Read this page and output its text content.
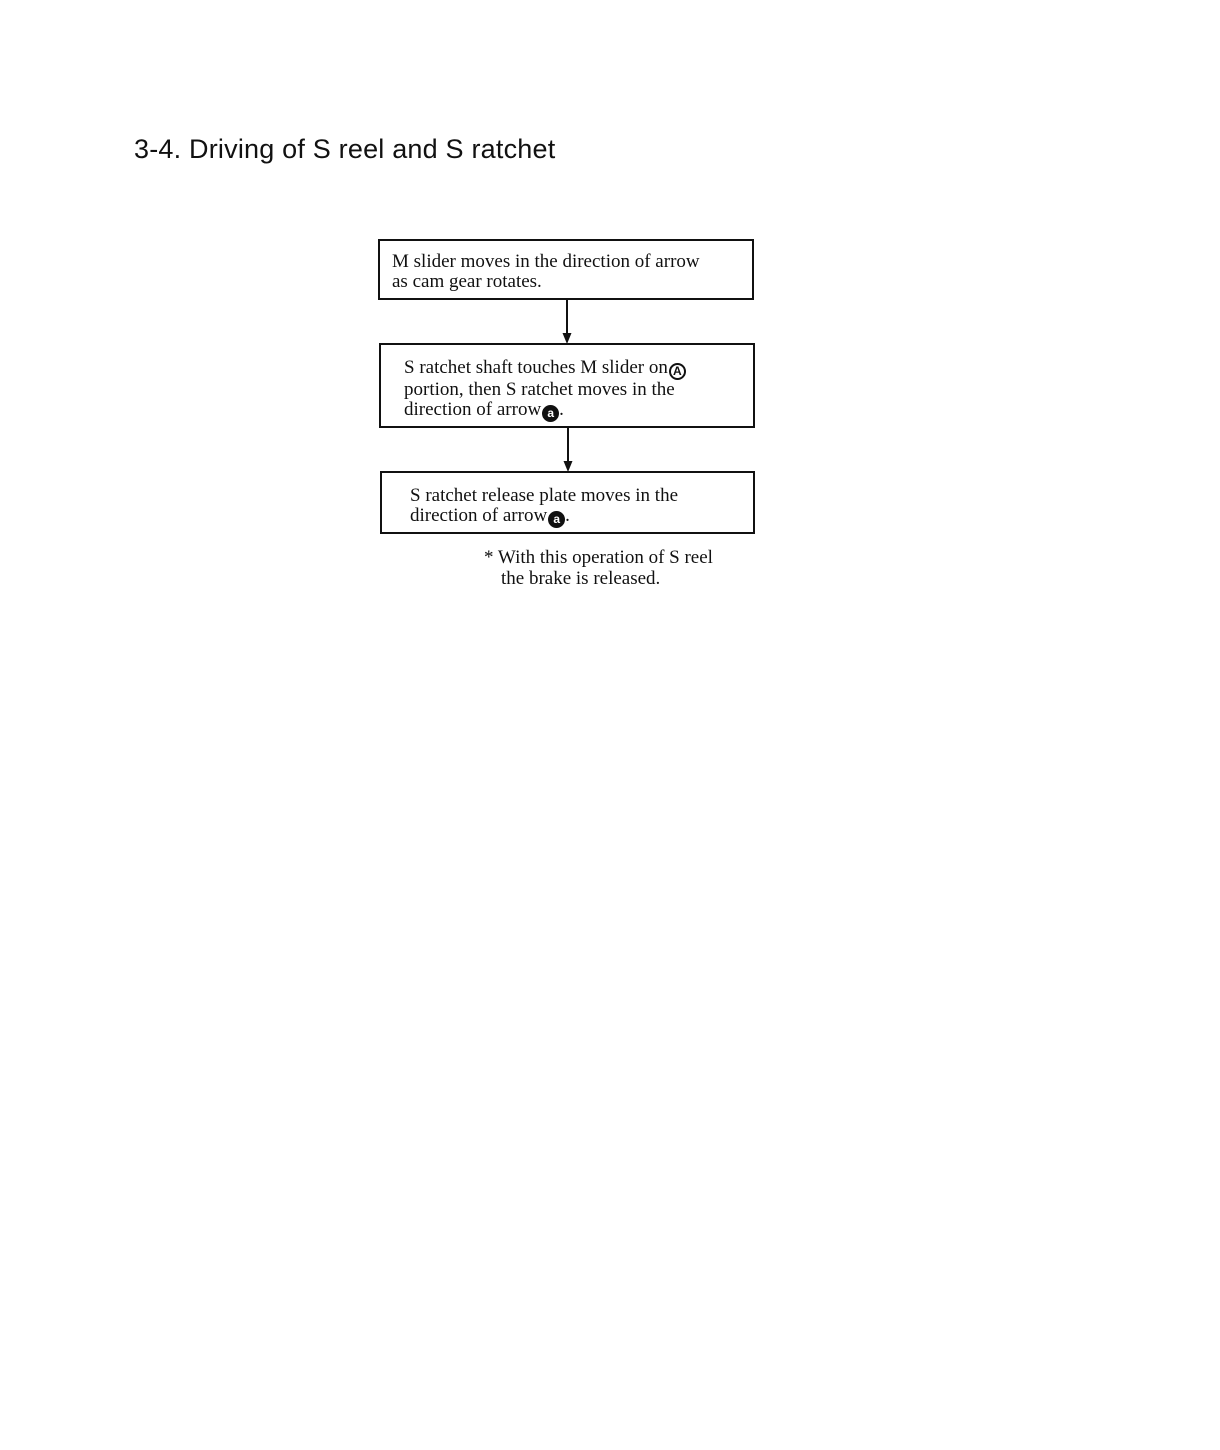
3-4. Driving of S reel and S ratchet
M slider moves in the direction of arrow
as cam gear rotates.
S ratchet shaft touches M slider on A
portion, then S ratchet moves in the
direction of arrow a .
S ratchet release plate moves in the
direction of arrow a .
* With this operation of S reel
the brake is released.
